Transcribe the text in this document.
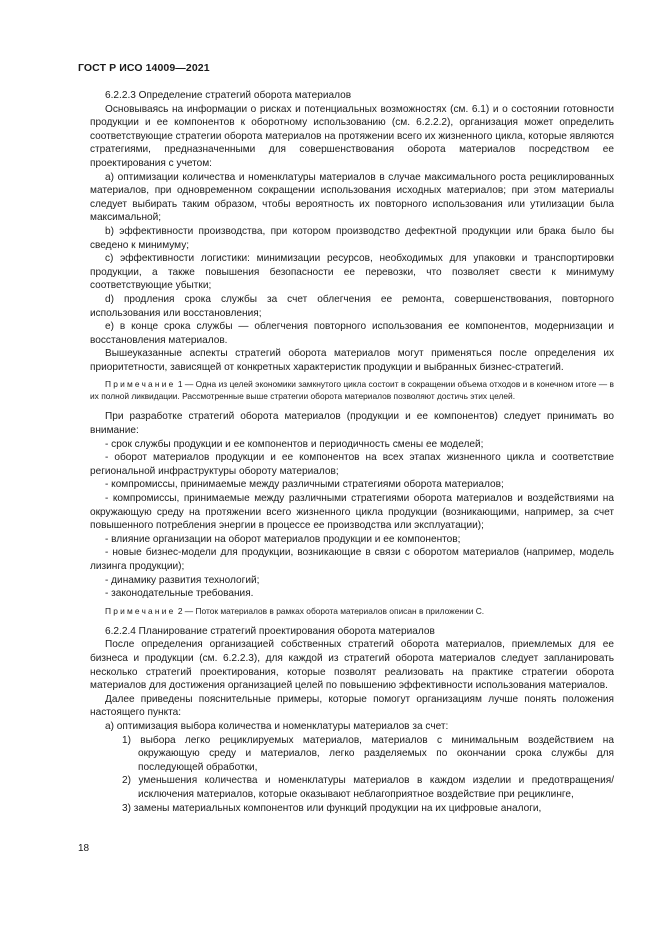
ГОСТ Р ИСО 14009—2021

6.2.2.3 Определение стратегий оборота материалов

Основываясь на информации о рисках и потенциальных возможностях (см. 6.1) и о состоянии готовности продукции и ее компонентов к оборотному использованию (см. 6.2.2.2), организация может определить соответствующие стратегии оборота материалов на протяжении всего их жизненного цикла, которые являются стратегиями, предназначенными для совершенствования оборота материалов посредством ее проектирования с учетом:

a) оптимизации количества и номенклатуры материалов в случае максимального роста рециклированных материалов, при одновременном сокращении использования исходных материалов; при этом материалы следует выбирать таким образом, чтобы вероятность их повторного использования или утилизации была максимальной;

b) эффективности производства, при котором производство дефектной продукции или брака было бы сведено к минимуму;

c) эффективности логистики: минимизации ресурсов, необходимых для упаковки и транспортировки продукции, а также повышения безопасности ее перевозки, что позволяет свести к минимуму соответствующие убытки;

d) продления срока службы за счет облегчения ее ремонта, совершенствования, повторного использования или восстановления;

e) в конце срока службы — облегчения повторного использования ее компонентов, модернизации и восстановления материалов.

Вышеуказанные аспекты стратегий оборота материалов могут применяться после определения их приоритетности, зависящей от конкретных характеристик продукции и выбранных бизнес-стратегий.

Примечание 1 — Одна из целей экономики замкнутого цикла состоит в сокращении объема отходов и в конечном итоге — в их полной ликвидации. Рассмотренные выше стратегии оборота материалов позволяют достичь этих целей.

При разработке стратегий оборота материалов (продукции и ее компонентов) следует принимать во внимание:

- срок службы продукции и ее компонентов и периодичность смены ее моделей;

- оборот материалов продукции и ее компонентов на всех этапах жизненного цикла и соответствие региональной инфраструктуры обороту материалов;

- компромиссы, принимаемые между различными стратегиями оборота материалов;

- компромиссы, принимаемые между различными стратегиями оборота материалов и воздействиями на окружающую среду на протяжении всего жизненного цикла продукции (возникающими, например, за счет повышенного потребления энергии в процессе ее производства или эксплуатации);

- влияние организации на оборот материалов продукции и ее компонентов;

- новые бизнес-модели для продукции, возникающие в связи с оборотом материалов (например, модель лизинга продукции);

- динамику развития технологий;

- законодательные требования.

Примечание 2 — Поток материалов в рамках оборота материалов описан в приложении С.

6.2.2.4 Планирование стратегий проектирования оборота материалов

После определения организацией собственных стратегий оборота материалов, приемлемых для ее бизнеса и продукции (см. 6.2.2.3), для каждой из стратегий оборота материалов следует запланировать несколько стратегий проектирования, которые позволят реализовать на практике стратегии оборота материалов для достижения организацией целей по повышению эффективности использования материалов.

Далее приведены пояснительные примеры, которые помогут организациям лучше понять положения настоящего пункта:

а) оптимизация выбора количества и номенклатуры материалов за счет:

1) выбора легко рециклируемых материалов, материалов с минимальным воздействием на окружающую среду и материалов, легко разделяемых по окончании срока службы для последующей обработки,

2) уменьшения количества и номенклатуры материалов в каждом изделии и предотвращения/исключения материалов, которые оказывают неблагоприятное воздействие при рециклинге,

3) замены материальных компонентов или функций продукции на их цифровые аналоги,

18
